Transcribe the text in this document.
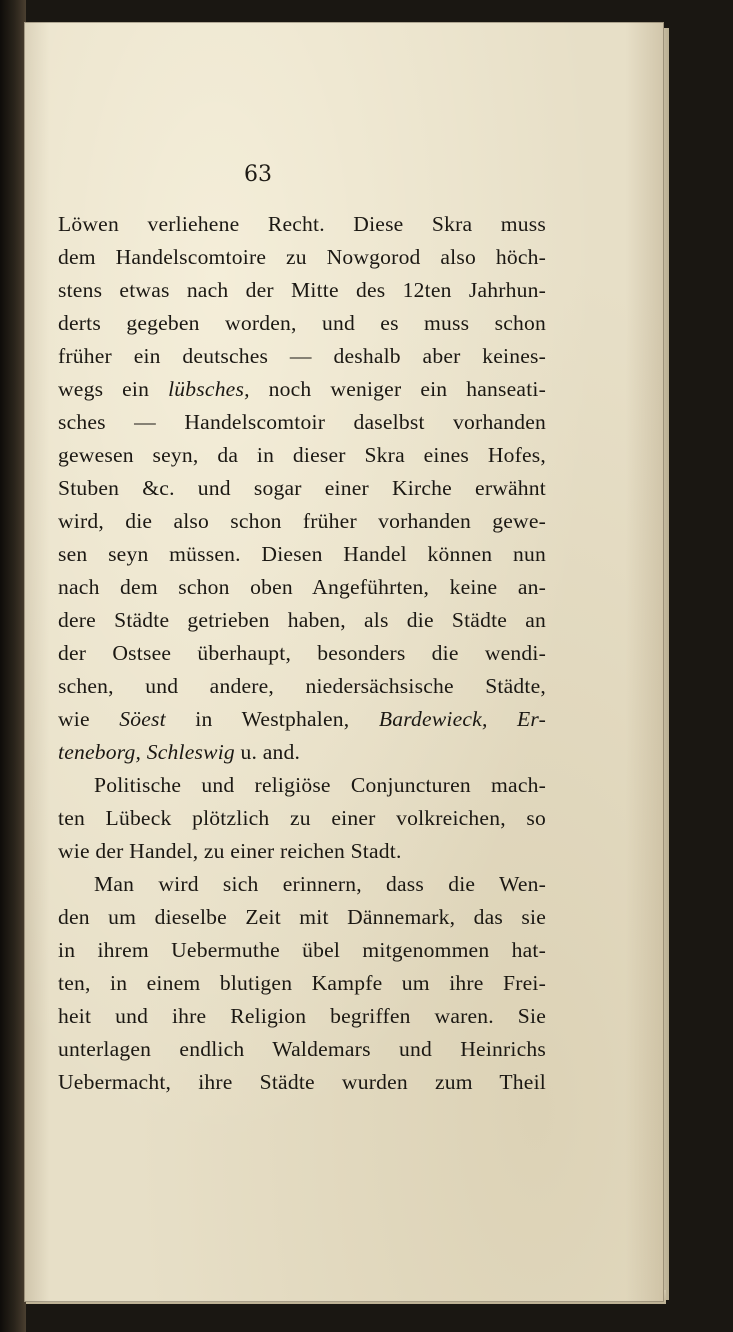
63
Löwen verliehene Recht. Diese Skra muss
dem Handelscomtoire zu Nowgorod also höch-
stens etwas nach der Mitte des 12ten Jahrhun-
derts gegeben worden, und es muss schon
früher ein deutsches — deshalb aber keines-
wegs ein lübsches, noch weniger ein hanseati-
sches — Handelscomtoir daselbst vorhanden
gewesen seyn, da in dieser Skra eines Hofes,
Stuben &c. und sogar einer Kirche erwähnt
wird, die also schon früher vorhanden gewe-
sen seyn müssen. Diesen Handel können nun
nach dem schon oben Angeführten, keine an-
dere Städte getrieben haben, als die Städte an
der Ostsee überhaupt, besonders die wendi-
schen, und andere, niedersächsische Städte,
wie Söest in Westphalen, Bardewieck, Er-
teneborg, Schleswig u. and.
Politische und religiöse Conjuncturen mach-
ten Lübeck plötzlich zu einer volkreichen, so
wie der Handel, zu einer reichen Stadt.
Man wird sich erinnern, dass die Wen-
den um dieselbe Zeit mit Dännemark, das sie
in ihrem Uebermuthe übel mitgenommen hat-
ten, in einem blutigen Kampfe um ihre Frei-
heit und ihre Religion begriffen waren. Sie
unterlagen endlich Waldemars und Heinrichs
Uebermacht, ihre Städte wurden zum Theil
